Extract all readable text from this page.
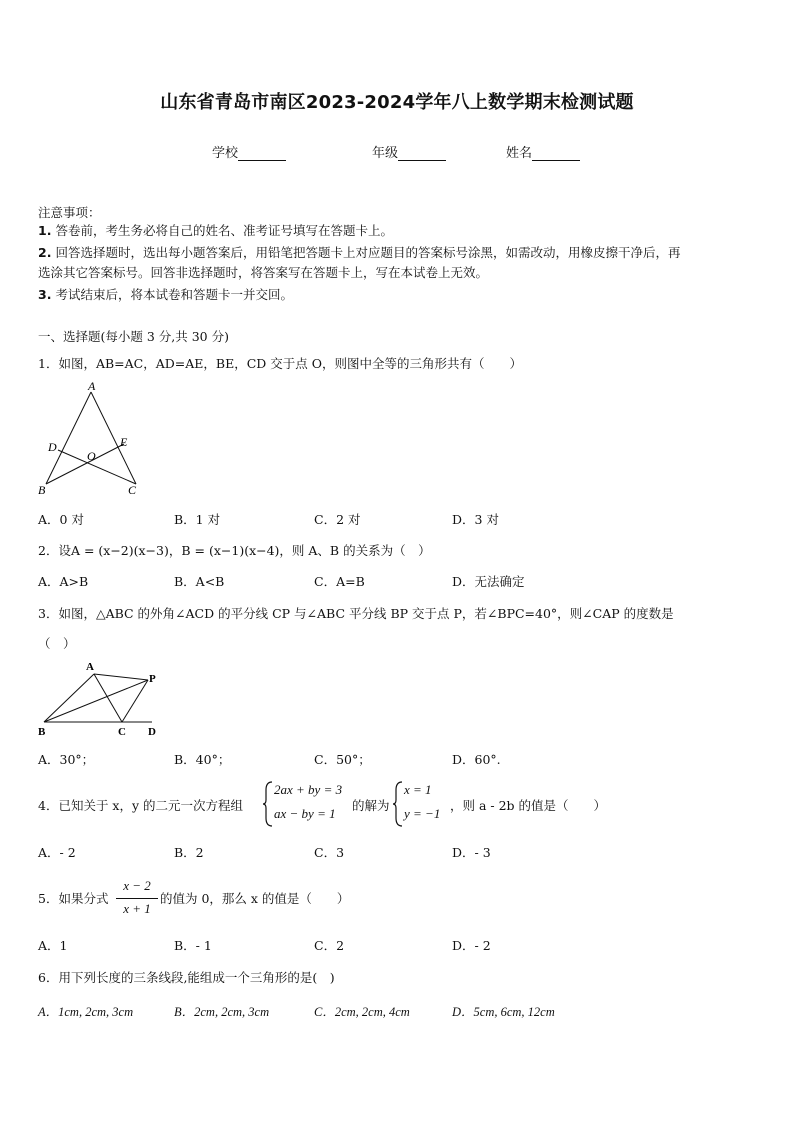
山东省青岛市南区2023-2024学年八上数学期末检测试题
学校	年级	姓名
注意事项：
1. 答卷前，考生务必将自己的姓名、准考证号填写在答题卡上。
2. 回答选择题时，选出每小题答案后，用铅笔把答题卡上对应题目的答案标号涂黑，如需改动，用橡皮擦干净后，再
选涂其它答案标号。回答非选择题时，将答案写在答题卡上，写在本试卷上无效。
3. 考试结束后，将本试卷和答题卡一并交回。
一、选择题(每小题 3 分,共 30 分)
1．如图，AB=AC，AD=AE，BE，CD 交于点 O，则图中全等的三角形共有（　　）
A
B	C
D	E
O
A．0 对	B．1 对	C．2 对	D．3 对
2．设A = (x−2)(x−3)，B = (x−1)(x−4)，则 A、B 的关系为（　）
A．A>B	B．A<B	C．A=B	D．无法确定
3．如图，△ABC 的外角∠ACD 的平分线 CP 与∠ABC 平分线 BP 交于点 P，若∠BPC=40°，则∠CAP 的度数是
（　）
A
B	C D
P
A．30°；	B．40°；	C．50°；	D．60°.
4．已知关于 x，y 的二元一次方程组
2ax + by = 3
ax − by = 1
的解为
x = 1
y = −1
，则 a - 2b 的值是（　　）
A．- 2	B．2	C．3	D．- 3
5．如果分式
x − 2
x + 1
的值为 0，那么 x 的值是（　　）
A．1	B．- 1	C．2	D．- 2
6．用下列长度的三条线段,能组成一个三角形的是(　)
A．1cm, 2cm, 3cm	B．2cm, 2cm, 3cm	C．2cm, 2cm, 4cm	D．5cm, 6cm, 12cm
